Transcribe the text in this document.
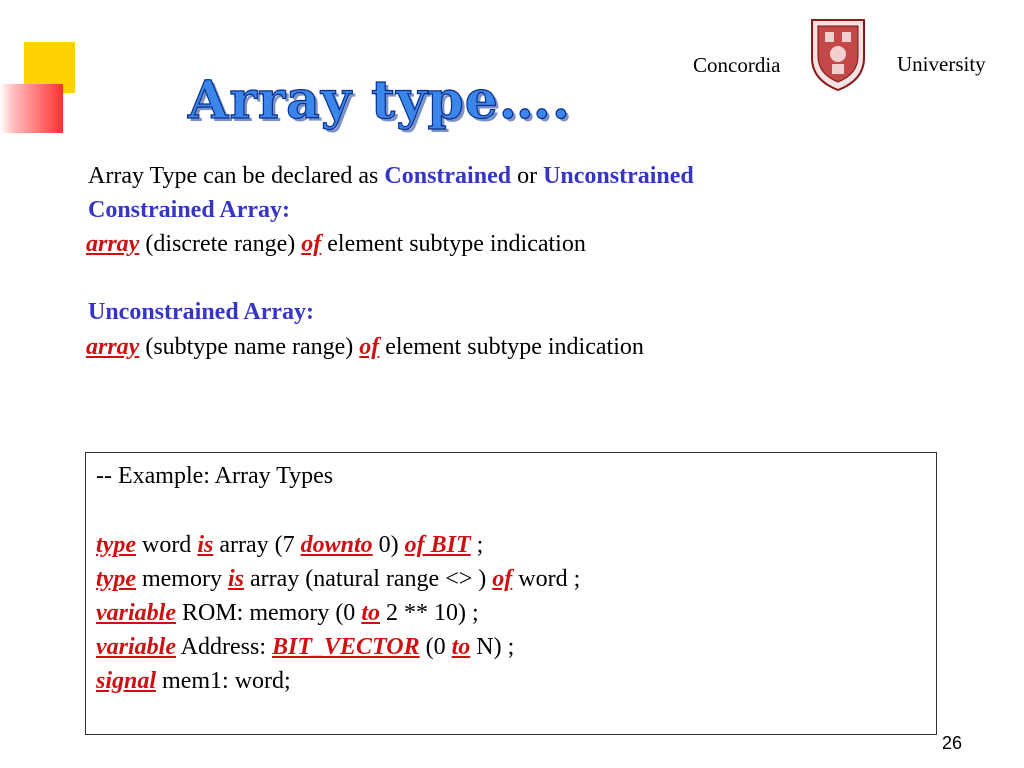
Concordia	University
Array type….
Array Type can be declared as Constrained or Unconstrained
Constrained Array:
array (discrete range) of element subtype indication
Unconstrained Array:
array (subtype name range) of element subtype indication
-- Example: Array Types
type word is array (7 downto 0) of BIT ;
type memory is array (natural range <> ) of word ;
variable ROM: memory (0 to 2 ** 10) ;
variable Address: BIT_VECTOR (0 to N) ;
signal mem1: word;
26
